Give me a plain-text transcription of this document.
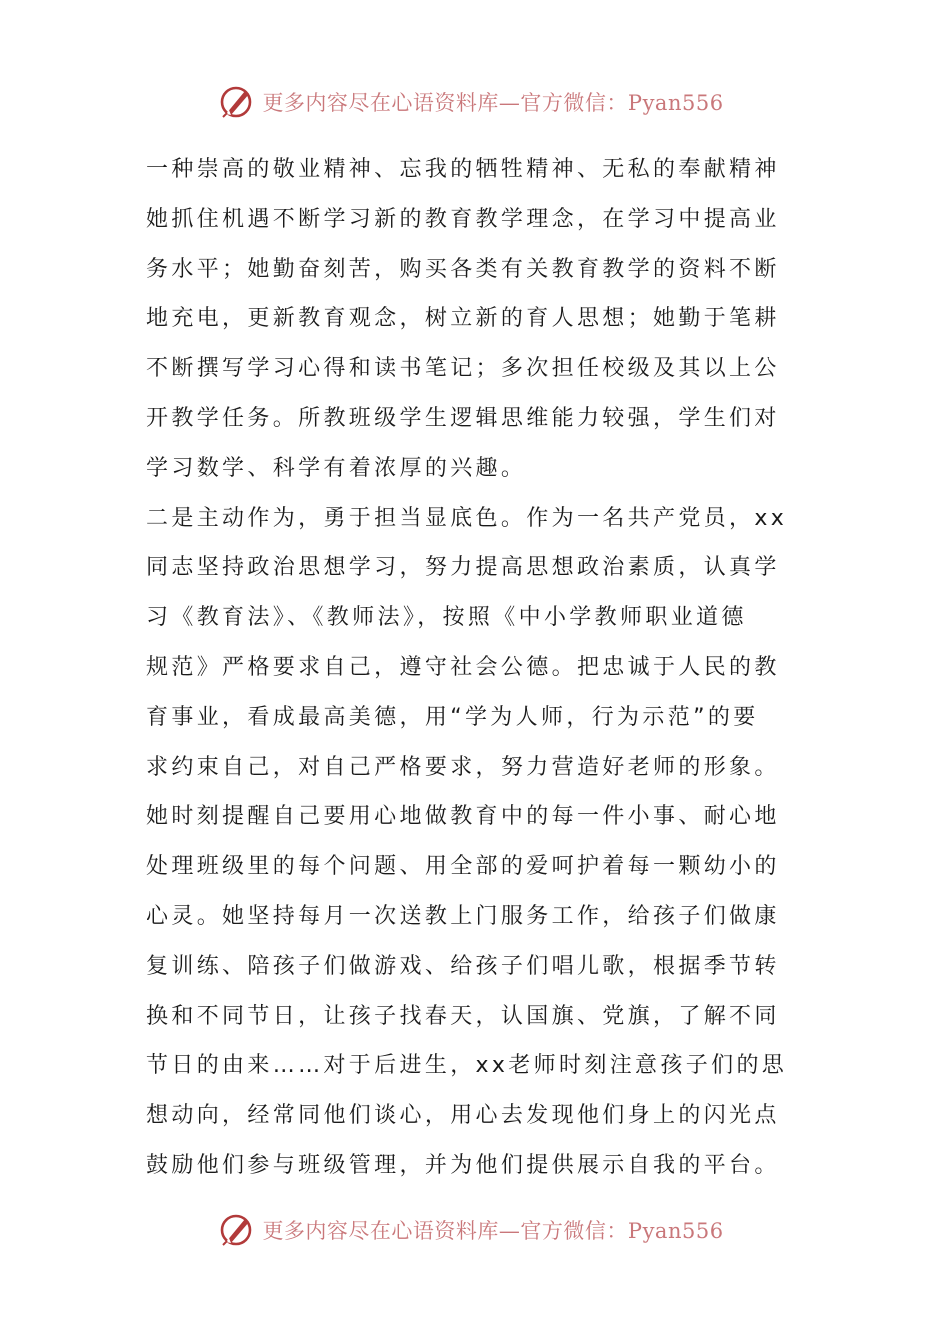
更多内容尽在心语资料库—官方微信：Pyan556
一种崇高的敬业精神、忘我的牺牲精神、无私的奉献精神
她抓住机遇不断学习新的教育教学理念，在学习中提高业
务水平；她勤奋刻苦，购买各类有关教育教学的资料不断
地充电，更新教育观念，树立新的育人思想；她勤于笔耕
不断撰写学习心得和读书笔记；多次担任校级及其以上公
开教学任务。所教班级学生逻辑思维能力较强，学生们对
学习数学、科学有着浓厚的兴趣。
二是主动作为，勇于担当显底色。作为一名共产党员，xx
同志坚持政治思想学习，努力提高思想政治素质，认真学
习《教育法》、《教师法》，按照《中小学教师职业道德
规范》严格要求自己，遵守社会公德。把忠诚于人民的教
育事业，看成最高美德，用“学为人师，行为示范”的要
求约束自己，对自己严格要求，努力营造好老师的形象。
她时刻提醒自己要用心地做教育中的每一件小事、耐心地
处理班级里的每个问题、用全部的爱呵护着每一颗幼小的
心灵。她坚持每月一次送教上门服务工作，给孩子们做康
复训练、陪孩子们做游戏、给孩子们唱儿歌，根据季节转
换和不同节日，让孩子找春天，认国旗、党旗，了解不同
节日的由来……对于后进生，xx老师时刻注意孩子们的思
想动向，经常同他们谈心，用心去发现他们身上的闪光点
鼓励他们参与班级管理，并为他们提供展示自我的平台。
更多内容尽在心语资料库—官方微信：Pyan556
